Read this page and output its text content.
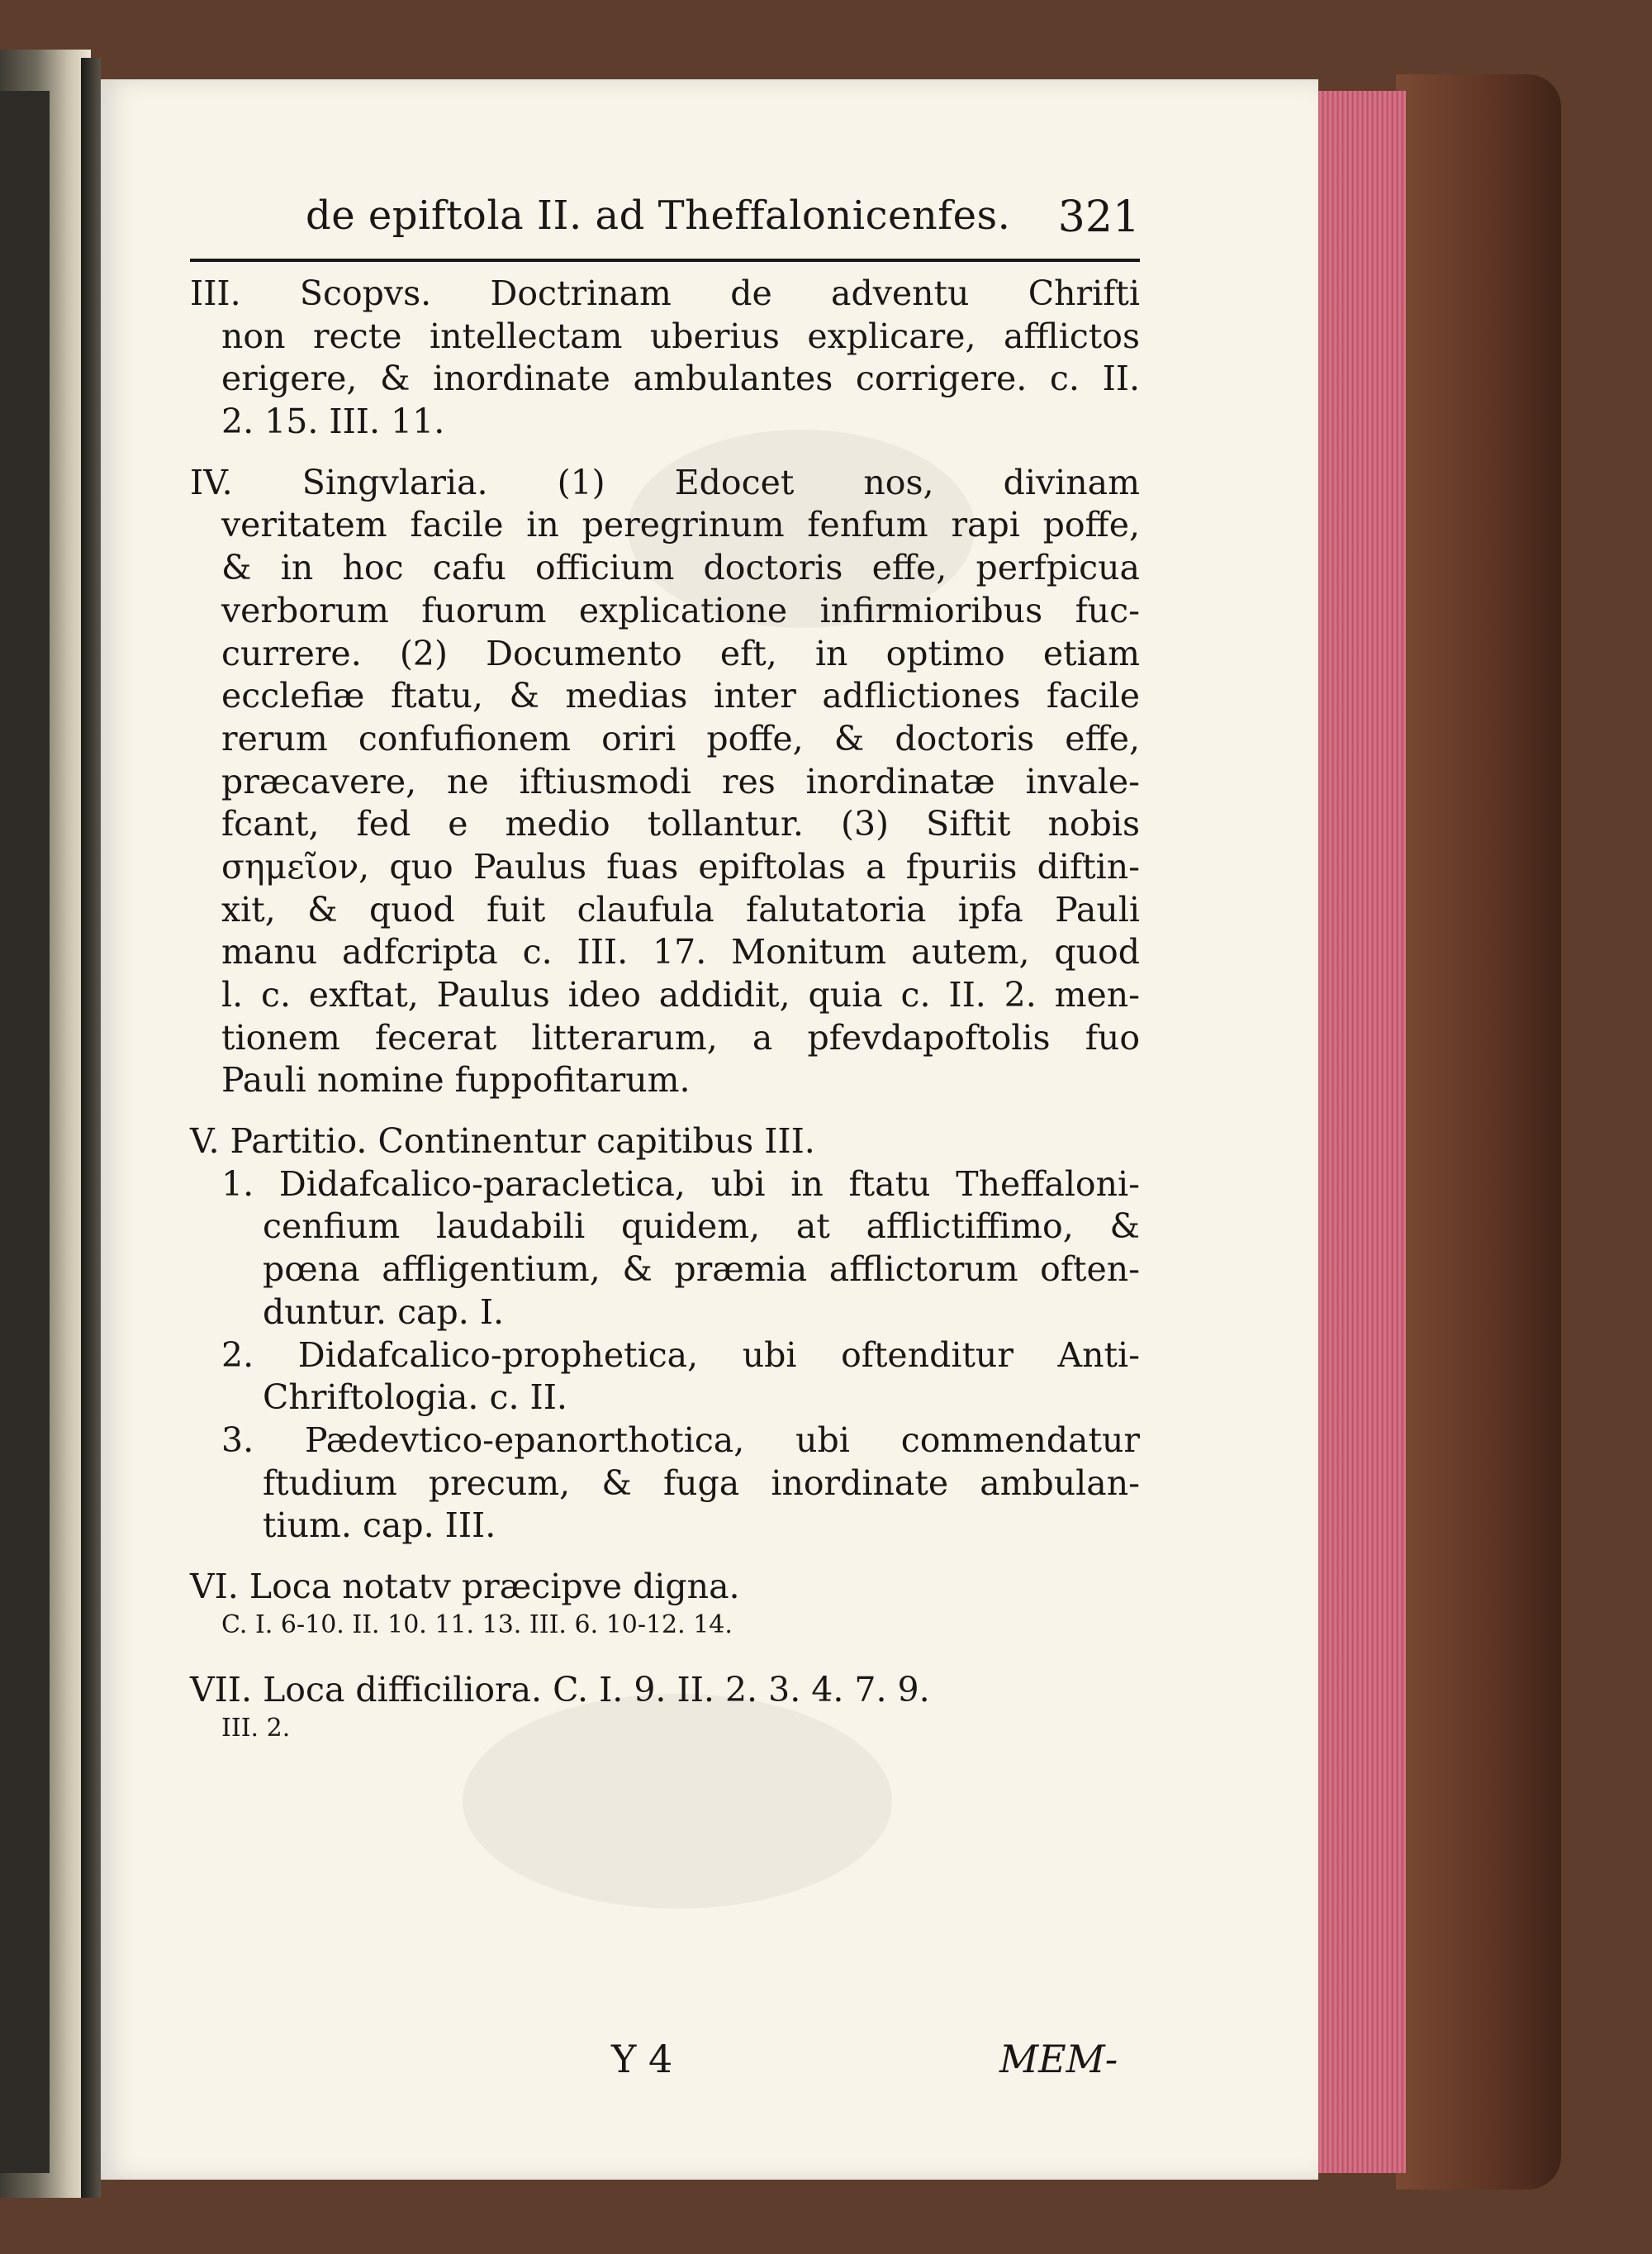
de epiftola II. ad Theffalonicenfes. 321
III. Scopvs. Doctrinam de adventu Chrifti
non recte intellectam uberius explicare, afflictos
erigere, & inordinate ambulantes corrigere. c. II.
2. 15. III. 11.
IV. Singvlaria. (1) Edocet nos, divinam
veritatem facile in peregrinum fenfum rapi poffe,
& in hoc cafu officium doctoris effe, perfpicua
verborum fuorum explicatione infirmioribus fuc-
currere. (2) Documento eft, in optimo etiam
ecclefiæ ftatu, & medias inter adflictiones facile
rerum confufionem oriri poffe, & doctoris effe,
præcavere, ne iftiusmodi res inordinatæ invale-
fcant, fed e medio tollantur. (3) Siftit nobis
σημεῖον, quo Paulus fuas epiftolas a fpuriis diftin-
xit, & quod fuit claufula falutatoria ipfa Pauli
manu adfcripta c. III. 17. Monitum autem, quod
l. c. exftat, Paulus ideo addidit, quia c. II. 2. men-
tionem fecerat litterarum, a pfevdapoftolis fuo
Pauli nomine fuppofitarum.
V. Partitio. Continentur capitibus III.
1. Didafcalico-paracletica, ubi in ftatu Theffaloni-
cenfium laudabili quidem, at afflictiffimo, &
pœna affligentium, & præmia afflictorum often-
duntur. cap. I.
2. Didafcalico-prophetica, ubi oftenditur Anti-
Chriftologia. c. II.
3. Pædevtico-epanorthotica, ubi commendatur
ftudium precum, & fuga inordinate ambulan-
tium. cap. III.
VI. Loca notatv præcipve digna.
C. I. 6-10. II. 10. 11. 13. III. 6. 10-12. 14.
VII. Loca difficiliora. C. I. 9. II. 2. 3. 4. 7. 9.
III. 2.
Y 4	MEM-
